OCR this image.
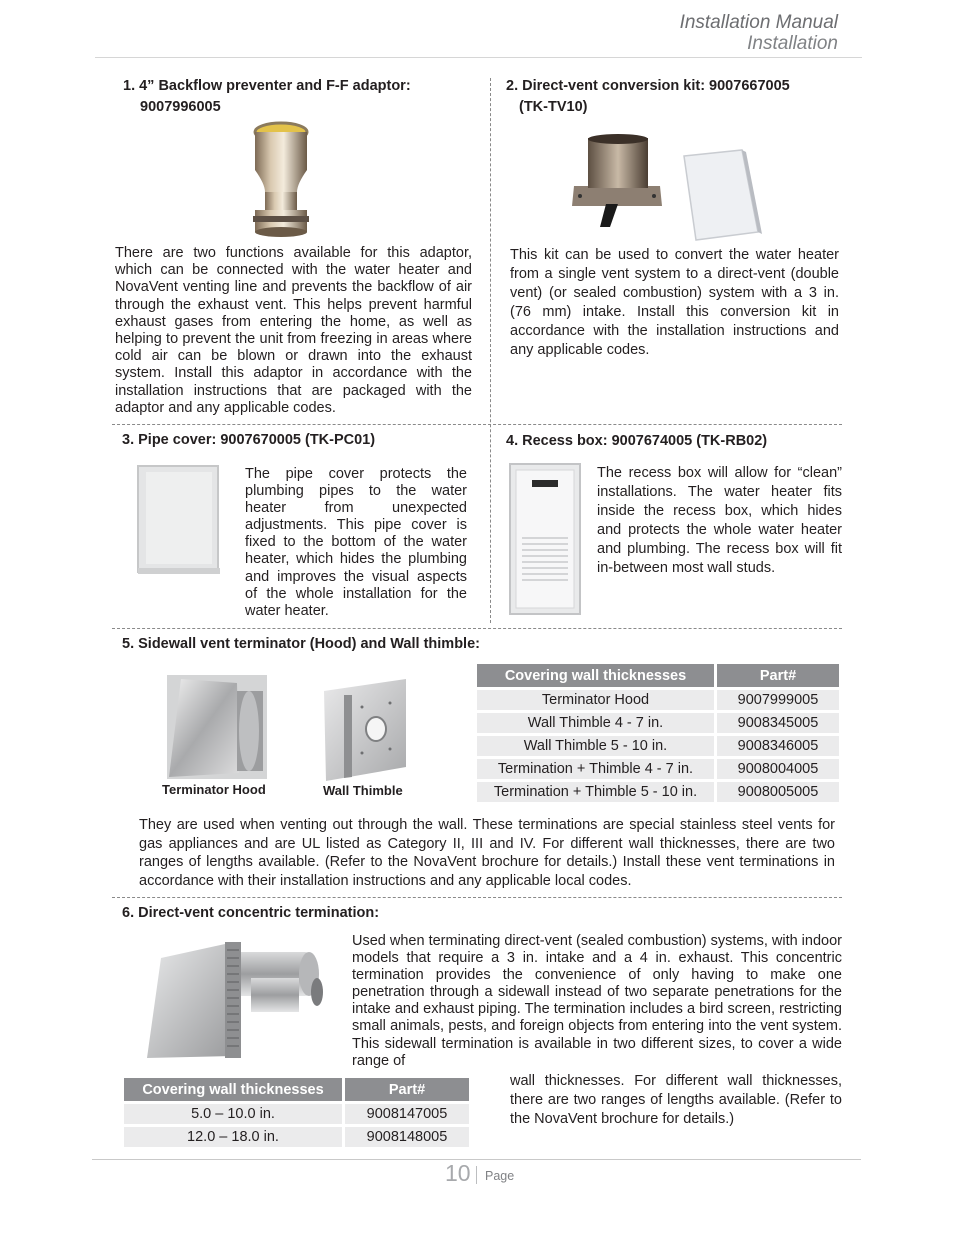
Installation Manual
Installation
1. 4” Backflow preventer and F-F adaptor:
9007996005
There are two functions available for this adaptor, which can be connected with the water heater and NovaVent venting line and prevents the backflow of air through the exhaust vent. This helps prevent harmful exhaust gases from entering the home, as well as helping to prevent the unit from freezing in areas where cold air can be blown or drawn into the exhaust system. Install this adaptor in accordance with the installation instructions that are packaged with the adaptor and any applicable codes.
2. Direct-vent conversion kit: 9007667005
(TK-TV10)
This kit can be used to convert the water heater from a single vent system to a direct-vent (double vent) (or sealed combustion) system with a 3 in. (76 mm) intake. Install this conversion kit in accordance with the installation instructions and any applicable codes.
3. Pipe cover: 9007670005 (TK-PC01)
The pipe cover protects the plumbing pipes to the water heater from unexpected adjustments. This pipe cover is fixed to the bottom of the water heater, which hides the plumbing and improves the visual aspects of the whole installation for the water heater.
4. Recess box: 9007674005 (TK-RB02)
The recess box will allow for “clean” installations. The water heater fits inside the recess box, which hides and protects the whole water heater and plumbing. The recess box will fit in-between most wall studs.
5. Sidewall vent terminator (Hood) and Wall thimble:
Terminator Hood	Wall Thimble
Covering wall thicknesses	Part#
Terminator Hood	9007999005
Wall Thimble 4 - 7 in.	9008345005
Wall Thimble 5 - 10 in.	9008346005
Termination + Thimble 4 - 7 in.	9008004005
Termination + Thimble 5 - 10 in.	9008005005
They are used when venting out through the wall. These terminations are special stainless steel vents for gas appliances and are UL listed as Category II, III and IV. For different wall thicknesses, there are two ranges of lengths available. (Refer to the NovaVent brochure for details.) Install these vent terminations in accordance with their installation instructions and any applicable local codes.
6. Direct-vent concentric termination:
Used when terminating direct-vent (sealed combustion) systems, with indoor models that require a 3 in. intake and a 4 in. exhaust. This concentric termination provides the convenience of only having to make one penetration through a sidewall instead of two separate penetrations for the intake and exhaust piping. The termination includes a bird screen, restricting small animals, pests, and foreign objects from entering into the vent system. This sidewall termination is available in two different sizes, to cover a wide range of
wall thicknesses. For different wall thicknesses, there are two ranges of lengths available. (Refer to the NovaVent brochure for details.)
Covering wall thicknesses	Part#
5.0 – 10.0 in.	9008147005
12.0 – 18.0 in.	9008148005
10 Page
